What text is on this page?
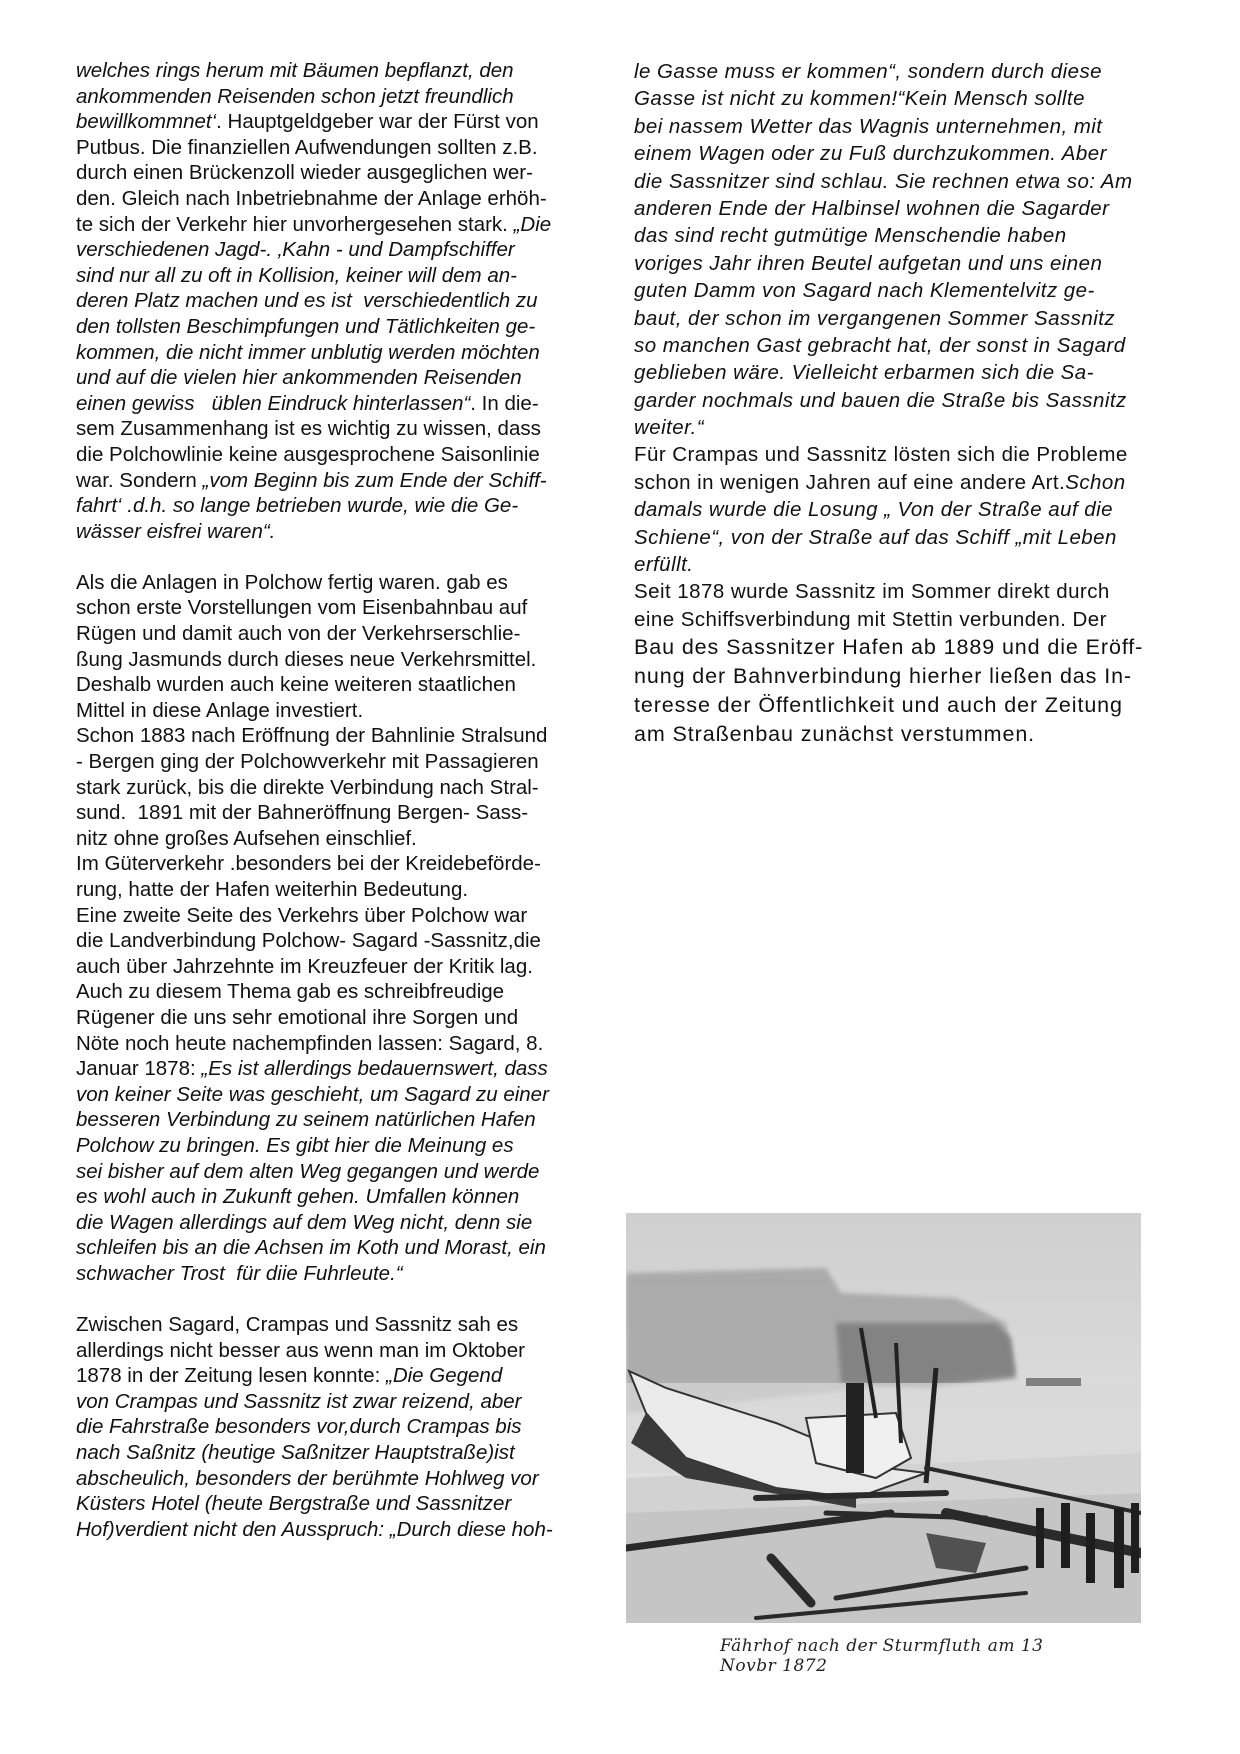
welches rings herum mit Bäumen bepflanzt, den
ankommenden Reisenden schon jetzt freundlich
bewillkommnet‘. Hauptgeldgeber war der Fürst von
Putbus. Die finanziellen Aufwendungen sollten z.B.
durch einen Brückenzoll wieder ausgeglichen wer-
den. Gleich nach Inbetriebnahme der Anlage erhöh-
te sich der Verkehr hier unvorhergesehen stark. „Die
verschiedenen Jagd-. ‚Kahn - und Dampfschiffer
sind nur all zu oft in Kollision, keiner will dem an-
deren Platz machen und es ist  verschiedentlich zu
den tollsten Beschimpfungen und Tätlichkeiten ge-
kommen, die nicht immer unblutig werden möchten
und auf die vielen hier ankommenden Reisenden
einen gewiss   üblen Eindruck hinterlassen“. In die-
sem Zusammenhang ist es wichtig zu wissen, dass
die Polchowlinie keine ausgesprochene Saisonlinie
war. Sondern „vom Beginn bis zum Ende der Schiff-
fahrt‘ .d.h. so lange betrieben wurde, wie die Ge-
wässer eisfrei waren“.
Als die Anlagen in Polchow fertig waren. gab es
schon erste Vorstellungen vom Eisenbahnbau auf
Rügen und damit auch von der Verkehrserschlie-
ßung Jasmunds durch dieses neue Verkehrsmittel.
Deshalb wurden auch keine weiteren staatlichen
Mittel in diese Anlage investiert.
Schon 1883 nach Eröffnung der Bahnlinie Stralsund
- Bergen ging der Polchowverkehr mit Passagieren
stark zurück, bis die direkte Verbindung nach Stral-
sund.  1891 mit der Bahneröffnung Bergen- Sass-
nitz ohne großes Aufsehen einschlief.
Im Güterverkehr .besonders bei der Kreidebeförde-
rung, hatte der Hafen weiterhin Bedeutung.
Eine zweite Seite des Verkehrs über Polchow war
die Landverbindung Polchow- Sagard -Sassnitz,die
auch über Jahrzehnte im Kreuzfeuer der Kritik lag.
Auch zu diesem Thema gab es schreibfreudige
Rügener die uns sehr emotional ihre Sorgen und
Nöte noch heute nachempfinden lassen: Sagard, 8.
Januar 1878: „Es ist allerdings bedauernswert, dass
von keiner Seite was geschieht, um Sagard zu einer
besseren Verbindung zu seinem natürlichen Hafen
Polchow zu bringen. Es gibt hier die Meinung es
sei bisher auf dem alten Weg gegangen und werde
es wohl auch in Zukunft gehen. Umfallen können
die Wagen allerdings auf dem Weg nicht, denn sie
schleifen bis an die Achsen im Koth und Morast, ein
schwacher Trost  für diie Fuhrleute.“
Zwischen Sagard, Crampas und Sassnitz sah es
allerdings nicht besser aus wenn man im Oktober
1878 in der Zeitung lesen konnte: „Die Gegend
von Crampas und Sassnitz ist zwar reizend, aber
die Fahrstraße besonders vor,durch Crampas bis
nach Saßnitz (heutige Saßnitzer Hauptstraße)ist
abscheulich, besonders der berühmte Hohlweg vor
Küsters Hotel (heute Bergstraße und Sassnitzer
Hof)verdient nicht den Ausspruch: „Durch diese hoh-
le Gasse muss er kommen“, sondern durch diese
Gasse ist nicht zu kommen!“Kein Mensch sollte
bei nassem Wetter das Wagnis unternehmen, mit
einem Wagen oder zu Fuß durchzukommen. Aber
die Sassnitzer sind schlau. Sie rechnen etwa so: Am
anderen Ende der Halbinsel wohnen die Sagarder
das sind recht gutmütige Menschendie haben
voriges Jahr ihren Beutel aufgetan und uns einen
guten Damm von Sagard nach Klementelvitz ge-
baut, der schon im vergangenen Sommer Sassnitz
so manchen Gast gebracht hat, der sonst in Sagard
geblieben wäre. Vielleicht erbarmen sich die Sa-
garder nochmals und bauen die Straße bis Sassnitz
weiter.“
Für Crampas und Sassnitz lösten sich die Probleme
schon in wenigen Jahren auf eine andere Art.Schon
damals wurde die Losung „ Von der Straße auf die
Schiene“, von der Straße auf das Schiff „mit Leben
erfüllt.
Seit 1878 wurde Sassnitz im Sommer direkt durch
eine Schiffsverbindung mit Stettin verbunden. Der
Bau des Sassnitzer Hafen ab 1889 und die Eröff-
nung der Bahnverbindung hierher ließen das In-
teresse der Öffentlichkeit und auch der Zeitung
am Straßenbau zunächst verstummen.
Fährhof nach der Sturmfluth am 13 Novbr 1872
